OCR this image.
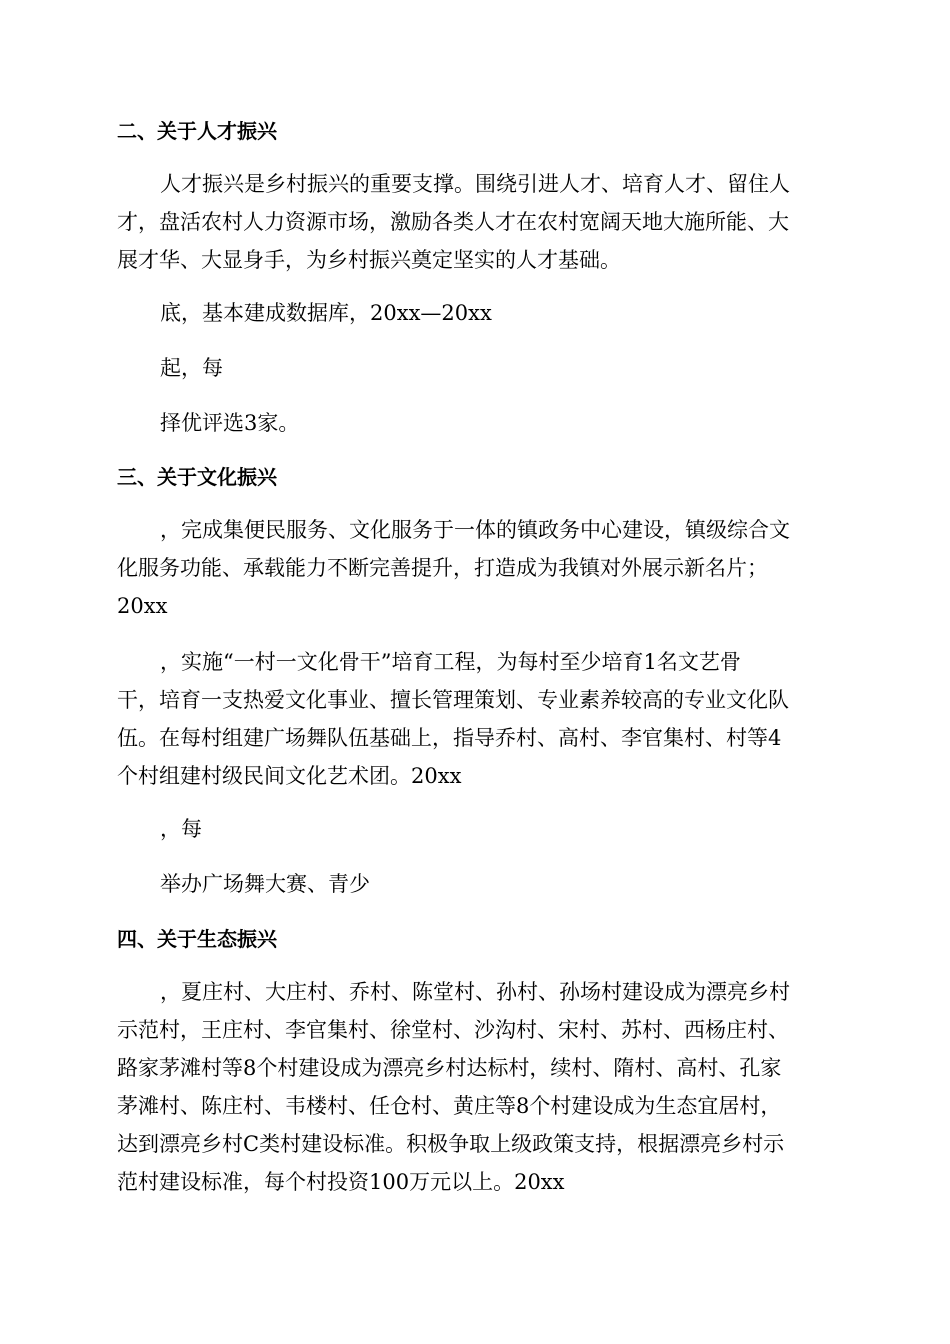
二、关于人才振兴
人才振兴是乡村振兴的重要支撑。围绕引进人才、培育人才、留住人
才，盘活农村人力资源市场，激励各类人才在农村宽阔天地大施所能、大
展才华、大显身手，为乡村振兴奠定坚实的人才基础。
底，基本建成数据库，20xx—20xx
起，每
择优评选3家。
三、关于文化振兴
，完成集便民服务、文化服务于一体的镇政务中心建设，镇级综合文
化服务功能、承载能力不断完善提升，打造成为我镇对外展示新名片；
20xx
，实施“一村一文化骨干”培育工程，为每村至少培育1名文艺骨
干，培育一支热爱文化事业、擅长管理策划、专业素养较高的专业文化队
伍。在每村组建广场舞队伍基础上，指导乔村、高村、李官集村、村等4
个村组建村级民间文化艺术团。20xx
，每
举办广场舞大赛、青少
四、关于生态振兴
，夏庄村、大庄村、乔村、陈堂村、孙村、孙场村建设成为漂亮乡村
示范村，王庄村、李官集村、徐堂村、沙沟村、宋村、苏村、西杨庄村、
路家茅滩村等8个村建设成为漂亮乡村达标村，续村、隋村、高村、孔家
茅滩村、陈庄村、韦楼村、任仓村、黄庄等8个村建设成为生态宜居村，
达到漂亮乡村C类村建设标准。积极争取上级政策支持，根据漂亮乡村示
范村建设标准，每个村投资100万元以上。20xx
